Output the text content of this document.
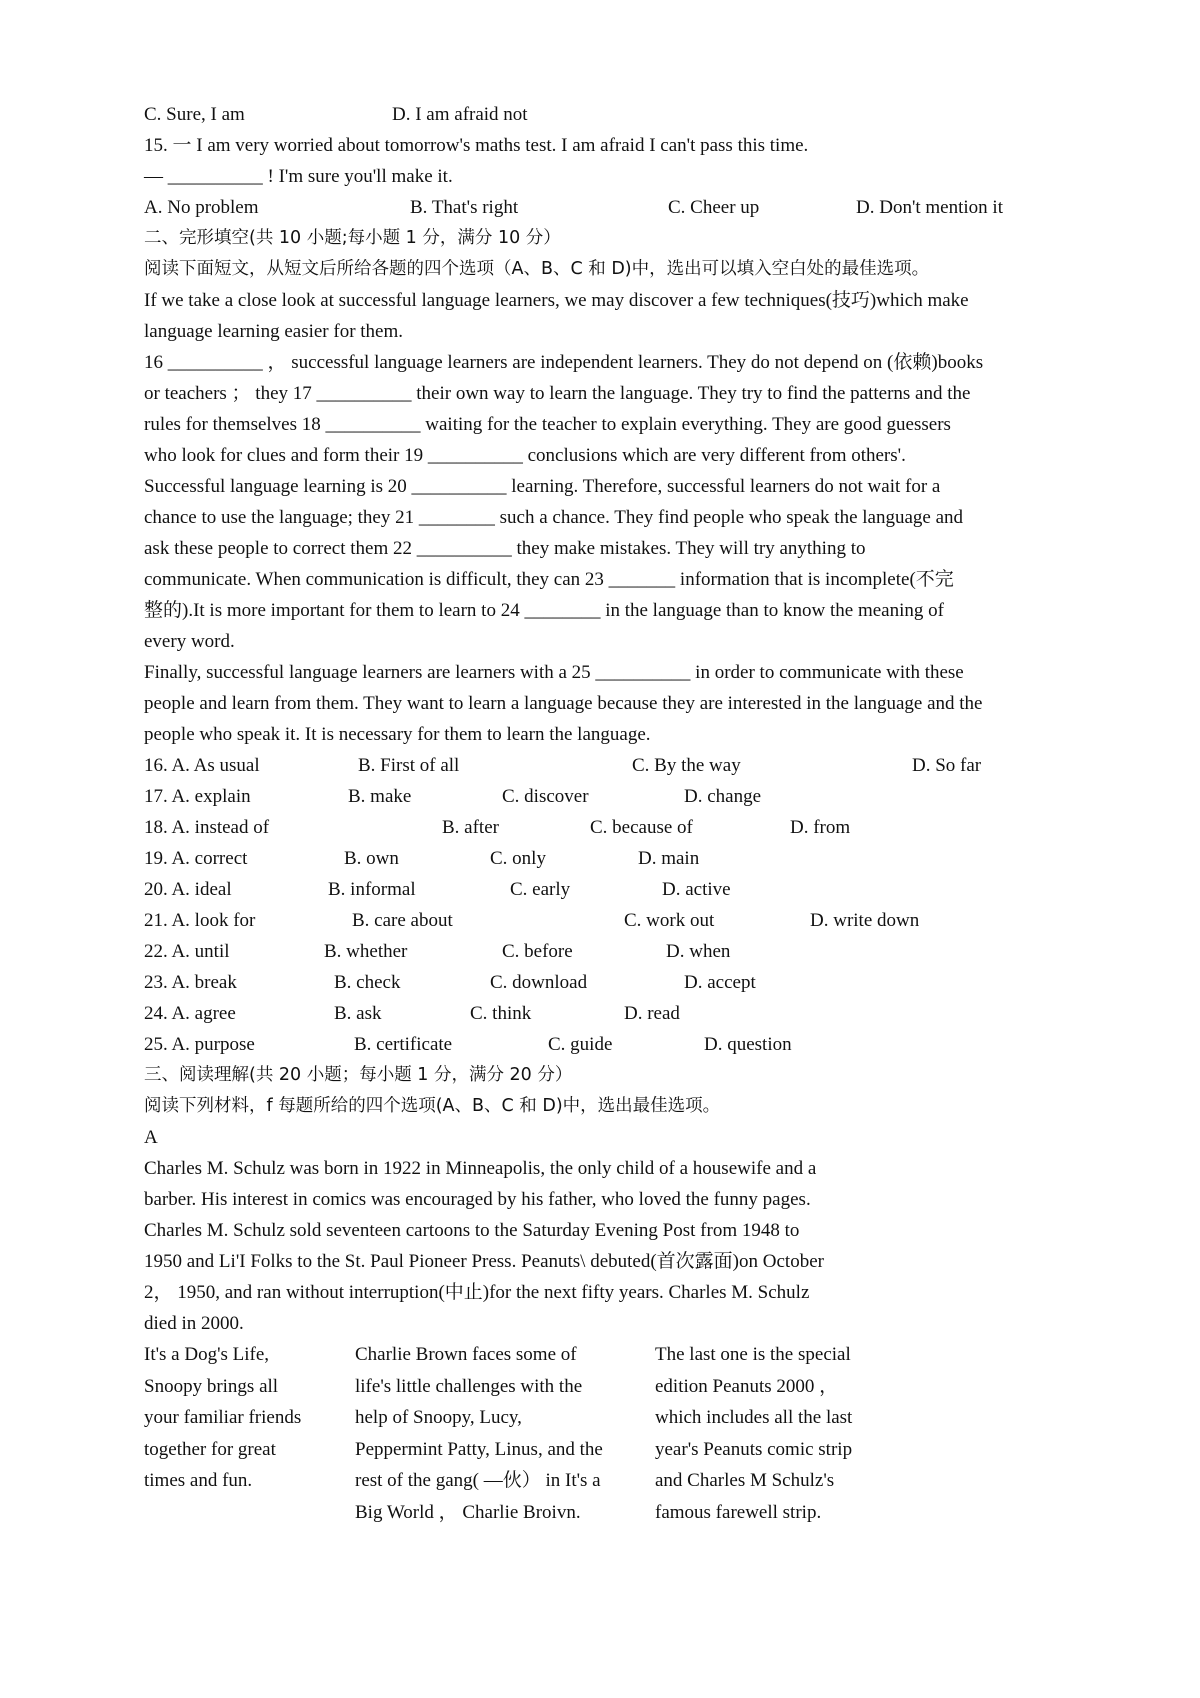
C. Sure, I am	D. I am afraid not
15. 一 I am very worried about tomorrow's maths test. I am afraid I can't pass this time.
— __________ ! I'm sure you'll make it.
A. No problem	B. That's right	C. Cheer up	D. Don't mention it
二、完形填空(共 10 小题;每小题 1 分，满分 10 分）
阅读下面短文，从短文后所给各题的四个选项（A、B、C 和 D)中，选出可以填入空白处的最佳选项。
If we take a close look at successful language learners, we may discover a few techniques(技巧)which make
language learning easier for them.
16 __________ ， successful language learners are independent learners. They do not depend on (依赖)books
or teachers ； they 17 __________ their own way to learn the language. They try to find the patterns and the
rules for themselves 18 __________ waiting for the teacher to explain everything. They are good guessers
who look for clues and form their 19 __________ conclusions which are very different from others'.
Successful language learning is 20 __________ learning. Therefore, successful learners do not wait for a
chance to use the language; they 21 ________ such a chance. They find people who speak the language and
ask these people to correct them 22 __________ they make mistakes. They will try anything to
communicate. When communication is difficult, they can 23 _______ information that is incomplete(不完
整的).It is more important for them to learn to 24 ________ in the language than to know the meaning of
every word.
Finally, successful language learners are learners with a 25 __________ in order to communicate with these
people and learn from them. They want to learn a language because they are interested in the language and the
people who speak it. It is necessary for them to learn the language.
16. A. As usual	B. First of all	C. By the way	D. So far
17. A. explain	B. make	C. discover	D. change
18. A. instead of	B. after	C. because of	D. from
19. A. correct	B. own	C. only	D. main
20. A. ideal	B. informal	C. early	D. active
21. A. look for	B. care about	C. work out	D. write down
22. A. until	B. whether	C. before	D. when
23. A. break	B. check	C. download	D. accept
24. A. agree	B. ask	C. think	D. read
25. A. purpose	B. certificate	C. guide	D. question
三、阅读理解(共 20 小题；每小题 1 分，满分 20 分）
阅读下列材料，f 每题所给的四个选项(A、B、C 和 D)中，选出最佳选项。
A
Charles M. Schulz was born in 1922 in Minneapolis, the only child of a housewife and a
barber. His interest in comics was encouraged by his father, who loved the funny pages.
Charles M. Schulz sold seventeen cartoons to the Saturday Evening Post from 1948 to
1950 and Li'I Folks to the St. Paul Pioneer Press. Peanuts\ debuted(首次露面)on October
2， 1950, and ran without interruption(中止)for the next fifty years. Charles M. Schulz
died in 2000.
It's a Dog's Life,
Snoopy brings all
your familiar friends
together for great
times and fun.
Charlie Brown faces some of
life's little challenges with the
help of Snoopy, Lucy,
Peppermint Patty, Linus, and the
rest of the gang( —伙） in It's a
Big World ， Charlie Broivn.
The last one is the special
edition Peanuts 2000 ，
which includes all the last
year's Peanuts comic strip
and Charles M Schulz's
famous farewell strip.
